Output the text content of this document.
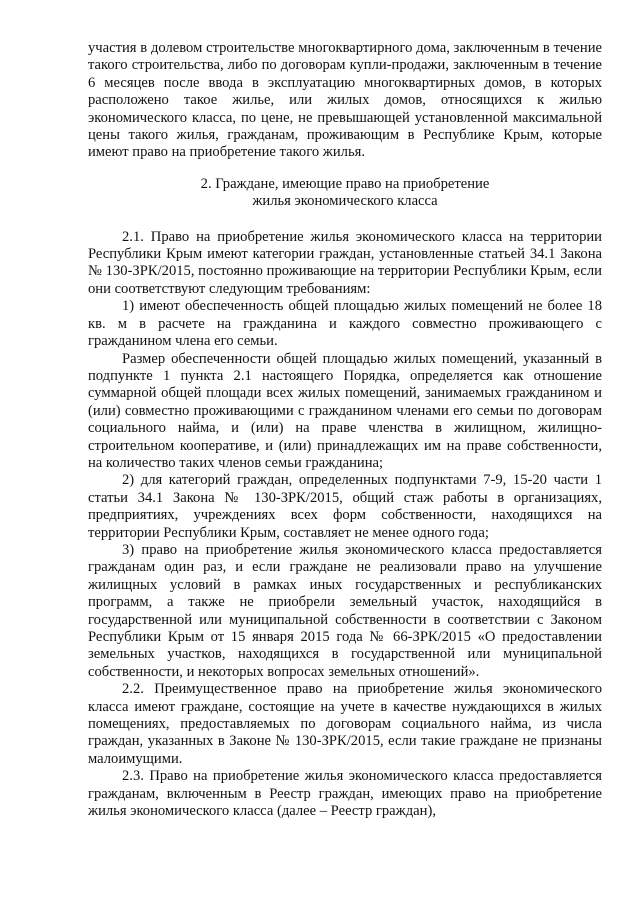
участия в долевом строительстве многоквартирного дома, заключенным в течение такого строительства, либо по договорам купли-продажи, заключенным в течение 6 месяцев после ввода в эксплуатацию многоквартирных домов, в которых расположено такое жилье, или жилых домов, относящихся к жилью экономического класса, по цене, не превышающей установленной максимальной цены такого жилья, гражданам, проживающим в Республике Крым, которые имеют право на приобретение такого жилья.

2. Граждане, имеющие право на приобретение
жилья экономического класса

2.1. Право на приобретение жилья экономического класса на территории Республики Крым имеют категории граждан, установленные статьей 34.1 Закона № 130-ЗРК/2015, постоянно проживающие на территории Республики Крым, если они соответствуют следующим требованиям:

1) имеют обеспеченность общей площадью жилых помещений не более 18 кв. м в расчете на гражданина и каждого совместно проживающего с гражданином члена его семьи.

Размер обеспеченности общей площадью жилых помещений, указанный в подпункте 1 пункта 2.1 настоящего Порядка, определяется как отношение суммарной общей площади всех жилых помещений, занимаемых гражданином и (или) совместно проживающими с гражданином членами его семьи по договорам социального найма, и (или) на праве членства в жилищном, жилищно-строительном кооперативе, и (или) принадлежащих им на праве собственности, на количество таких членов семьи гражданина;

2) для категорий граждан, определенных подпунктами 7-9, 15-20 части 1 статьи 34.1 Закона № 130-ЗРК/2015, общий стаж работы в организациях, предприятиях, учреждениях всех форм собственности, находящихся на территории Республики Крым, составляет не менее одного года;

3) право на приобретение жилья экономического класса предоставляется гражданам один раз, и если граждане не реализовали право на улучшение жилищных условий в рамках иных государственных и республиканских программ, а также не приобрели земельный участок, находящийся в государственной или муниципальной собственности в соответствии с Законом Республики Крым от 15 января 2015 года № 66-ЗРК/2015 «О предоставлении земельных участков, находящихся в государственной или муниципальной собственности, и некоторых вопросах земельных отношений».

2.2. Преимущественное право на приобретение жилья экономического класса имеют граждане, состоящие на учете в качестве нуждающихся в жилых помещениях, предоставляемых по договорам социального найма, из числа граждан, указанных в Законе № 130-ЗРК/2015, если такие граждане не признаны малоимущими.

2.3. Право на приобретение жилья экономического класса предоставляется гражданам, включенным в Реестр граждан, имеющих право на приобретение жилья экономического класса (далее – Реестр граждан),
